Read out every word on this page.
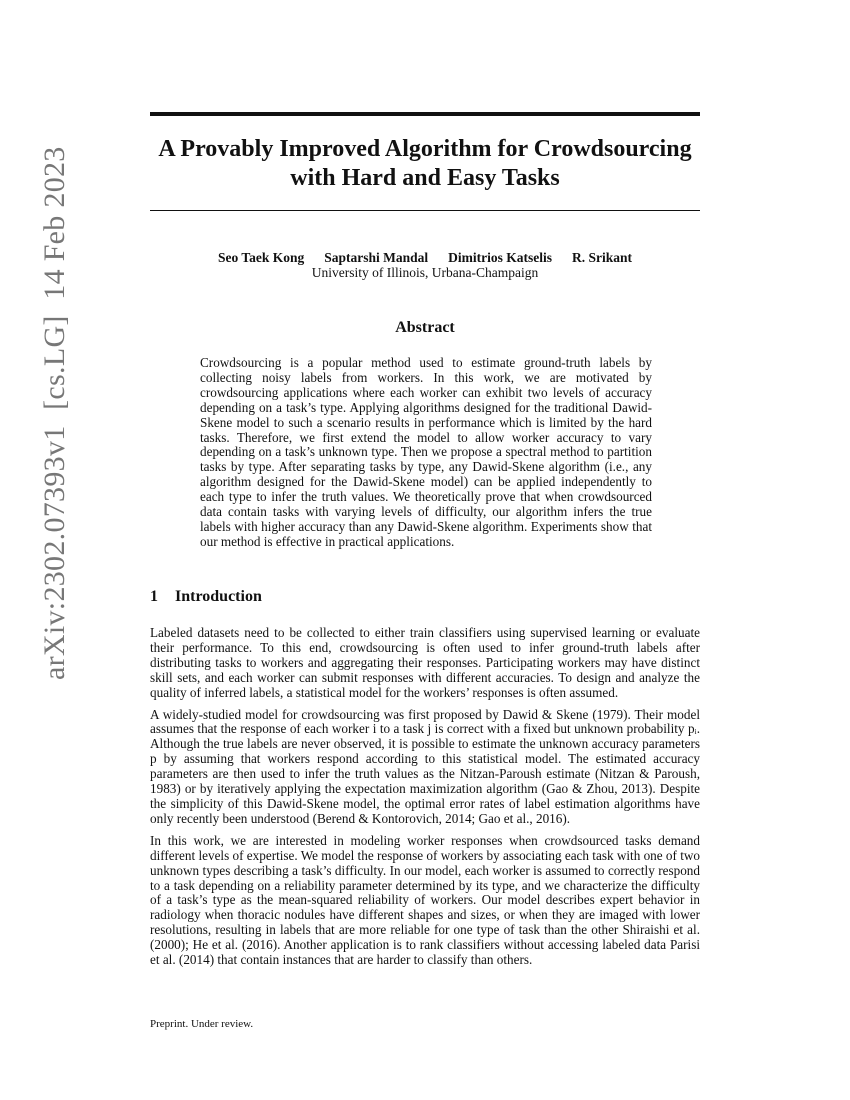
arXiv:2302.07393v1  [cs.LG]  14 Feb 2023	A Provably Improved Algorithm for Crowdsourcing
with Hard and Easy Tasks
Seo Taek Kong Saptarshi Mandal Dimitrios Katselis R. Srikant
University of Illinois, Urbana-Champaign
Abstract

Crowdsourcing is a popular method used to estimate ground-truth labels by collecting noisy labels from workers. In this work, we are motivated by crowdsourcing applications where each worker can exhibit two levels of accuracy depending on a task’s type. Applying algorithms designed for the traditional Dawid-Skene model to such a scenario results in performance which is limited by the hard tasks. Therefore, we first extend the model to allow worker accuracy to vary depending on a task’s unknown type. Then we propose a spectral method to partition tasks by type. After separating tasks by type, any Dawid-Skene algorithm (i.e., any algorithm designed for the Dawid-Skene model) can be applied independently to each type to infer the truth values. We theoretically prove that when crowdsourced data contain tasks with varying levels of difficulty, our algorithm infers the true labels with higher accuracy than any Dawid-Skene algorithm. Experiments show that our method is effective in practical applications.

1 Introduction

Labeled datasets need to be collected to either train classifiers using supervised learning or evaluate their performance. To this end, crowdsourcing is often used to infer ground-truth labels after distributing tasks to workers and aggregating their responses. Participating workers may have distinct skill sets, and each worker can submit responses with different accuracies. To design and analyze the quality of inferred labels, a statistical model for the workers’ responses is often assumed.

A widely-studied model for crowdsourcing was first proposed by Dawid & Skene (1979). Their model assumes that the response of each worker i to a task j is correct with a fixed but unknown probability pᵢ. Although the true labels are never observed, it is possible to estimate the unknown accuracy parameters p by assuming that workers respond according to this statistical model. The estimated accuracy parameters are then used to infer the truth values as the Nitzan-Paroush estimate (Nitzan & Paroush, 1983) or by iteratively applying the expectation maximization algorithm (Gao & Zhou, 2013). Despite the simplicity of this Dawid-Skene model, the optimal error rates of label estimation algorithms have only recently been understood (Berend & Kontorovich, 2014; Gao et al., 2016).

In this work, we are interested in modeling worker responses when crowdsourced tasks demand different levels of expertise. We model the response of workers by associating each task with one of two unknown types describing a task’s difficulty. In our model, each worker is assumed to correctly respond to a task depending on a reliability parameter determined by its type, and we characterize the difficulty of a task’s type as the mean-squared reliability of workers. Our model describes expert behavior in radiology when thoracic nodules have different shapes and sizes, or when they are imaged with lower resolutions, resulting in labels that are more reliable for one type of task than the other Shiraishi et al. (2000); He et al. (2016). Another application is to rank classifiers without accessing labeled data Parisi et al. (2014) that contain instances that are harder to classify than others.

Preprint. Under review.
